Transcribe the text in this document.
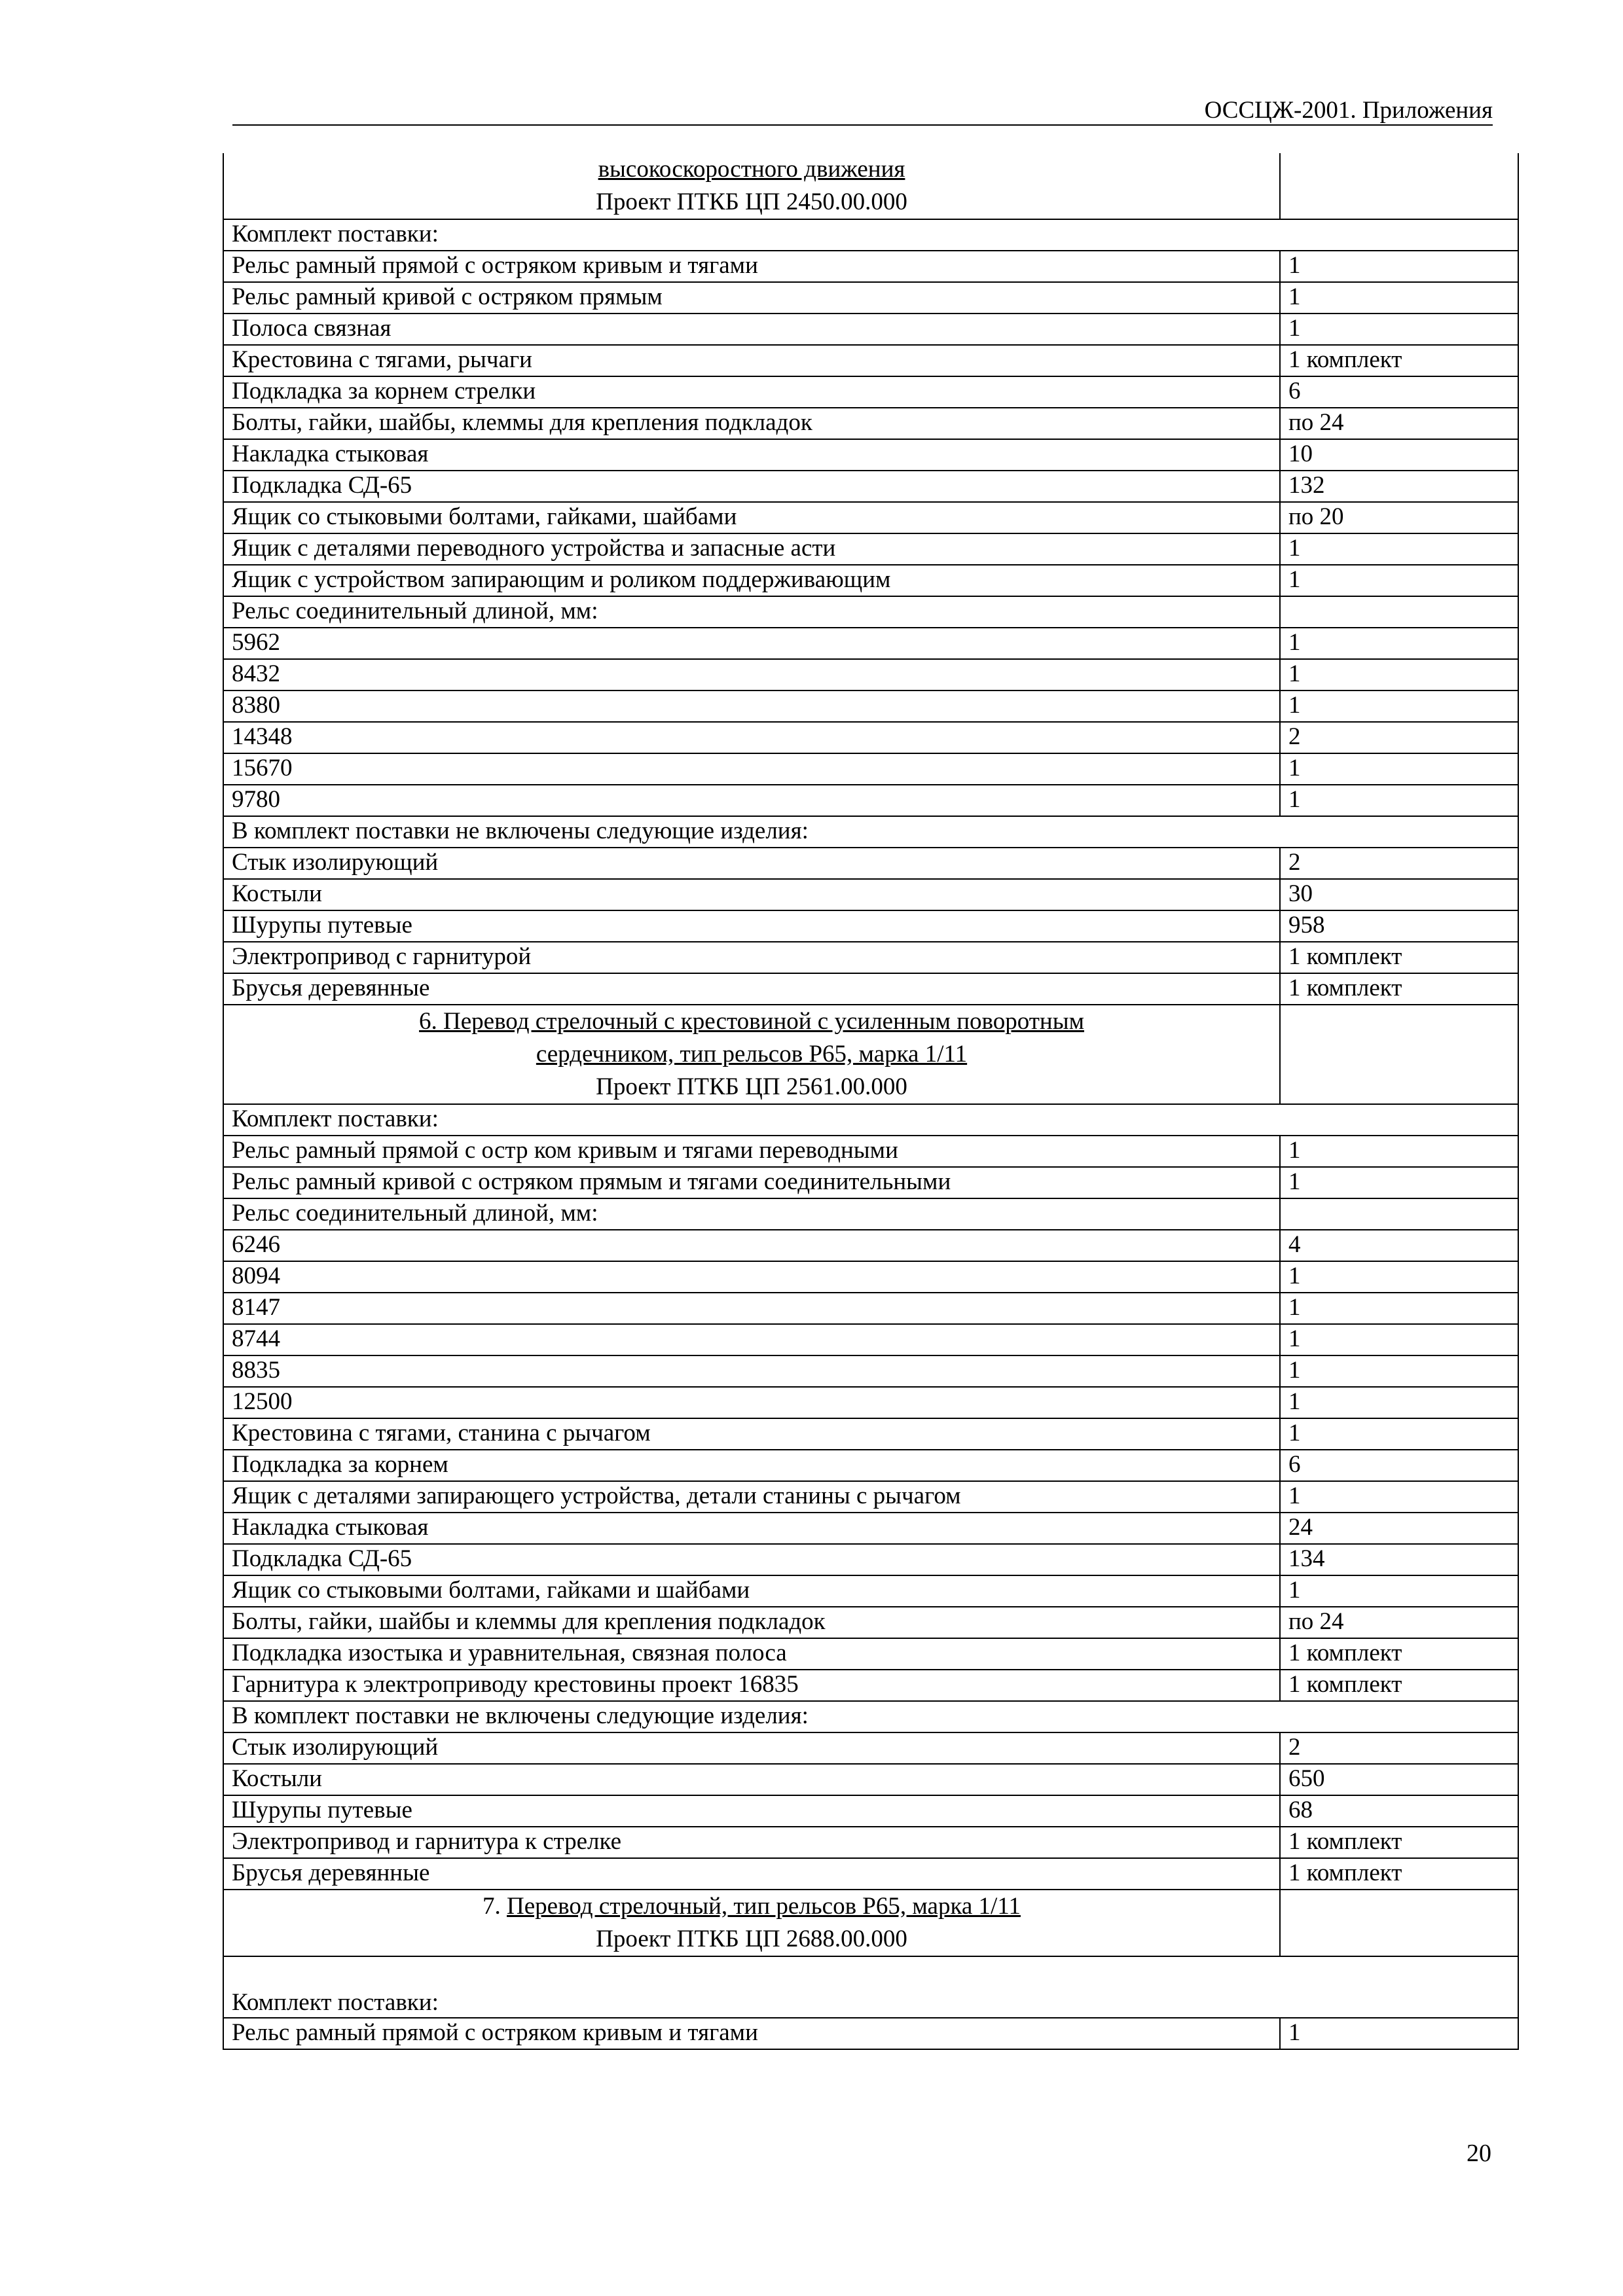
ОССЦЖ-2001. Приложения
высокоскоростного движения
Проект ПТКБ ЦП 2450.00.000	

Комплект поставки:	
Рельс рамный прямой с остряком кривым и тягами	1
Рельс рамный кривой с остряком прямым	1
Полоса связная	1
Крестовина с тягами, рычаги	1 комплект
Подкладка за корнем стрелки	6
Болты, гайки, шайбы, клеммы для крепления подкладок	по 24
Накладка стыковая	10
Подкладка СД-65	132
Ящик со стыковыми болтами, гайками, шайбами	по 20
Ящик с деталями переводного устройства и запасные асти	1
Ящик с устройством запирающим и роликом поддерживающим	1
Рельс соединительный длиной, мм:	
5962	1
8432	1
8380	1
14348	2
15670	1
9780	1
В комплект поставки не включены следующие изделия:	
Стык изолирующий	2
Костыли	30
Шурупы путевые	958
Электропривод с гарнитурой	1 комплект
Брусья деревянные	1 комплект

6. Перевод стрелочный с крестовиной с усиленным поворотным
сердечником, тип рельсов Р65, марка 1/11
Проект ПТКБ ЦП 2561.00.000	

Комплект поставки:	
Рельс рамный прямой с остр ком кривым и тягами переводными	1
Рельс рамный кривой с остряком прямым и тягами соединительными	1
Рельс соединительный длиной, мм:	
6246	4
8094	1
8147	1
8744	1
8835	1
12500	1
Крестовина с тягами, станина с рычагом	1
Подкладка за корнем	6
Ящик с деталями запирающего устройства, детали станины с рычагом	1
Накладка стыковая	24
Подкладка СД-65	134
Ящик со стыковыми болтами, гайками и шайбами	1
Болты, гайки, шайбы и клеммы для крепления подкладок	по 24
Подкладка изостыка и уравнительная, связная полоса	1 комплект
Гарнитура к электроприводу крестовины проект 16835	1 комплект
В комплект поставки не включены следующие изделия:	
Стык изолирующий	2
Костыли	650
Шурупы путевые	68
Электропривод и гарнитура к стрелке	1 комплект
Брусья деревянные	1 комплект

7. Перевод стрелочный, тип рельсов Р65, марка 1/11
Проект ПТКБ ЦП 2688.00.000	

Комплект поставки:	
Рельс рамный прямой с остряком кривым и тягами	1
20
